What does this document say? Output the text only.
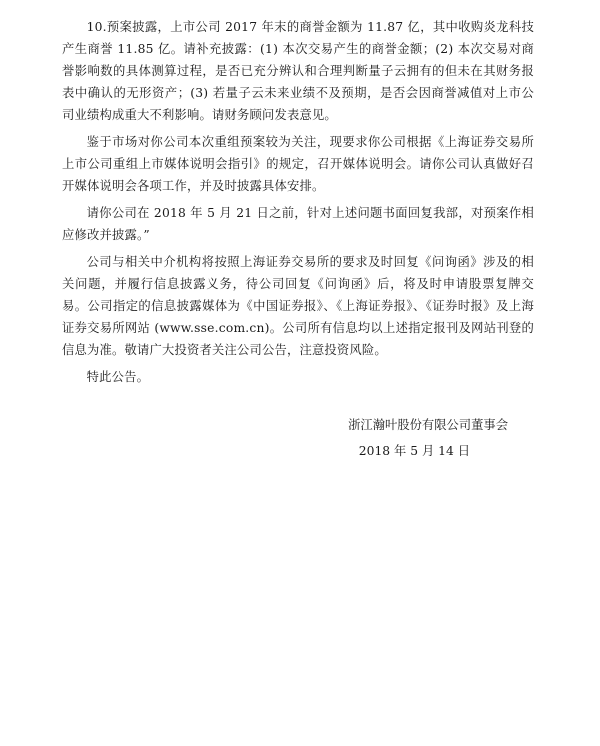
10.预案披露，上市公司 2017 年末的商誉金额为 11.87 亿，其中收购炎龙科技产生商誉 11.85 亿。请补充披露：(1) 本次交易产生的商誉金额；(2) 本次交易对商誉影响数的具体测算过程，是否已充分辨认和合理判断量子云拥有的但未在其财务报表中确认的无形资产；(3) 若量子云未来业绩不及预期，是否会因商誉减值对上市公司业绩构成重大不利影响。请财务顾问发表意见。

鉴于市场对你公司本次重组预案较为关注，现要求你公司根据《上海证券交易所上市公司重组上市媒体说明会指引》的规定，召开媒体说明会。请你公司认真做好召开媒体说明会各项工作，并及时披露具体安排。

请你公司在 2018 年 5 月 21 日之前，针对上述问题书面回复我部，对预案作相应修改并披露。”

公司与相关中介机构将按照上海证券交易所的要求及时回复《问询函》涉及的相关问题，并履行信息披露义务，待公司回复《问询函》后，将及时申请股票复牌交易。公司指定的信息披露媒体为《中国证券报》、《上海证券报》、《证券时报》及上海证券交易所网站 (www.sse.com.cn)。公司所有信息均以上述指定报刊及网站刊登的信息为准。敬请广大投资者关注公司公告，注意投资风险。

特此公告。

浙江瀚叶股份有限公司董事会

2018 年 5 月 14 日
